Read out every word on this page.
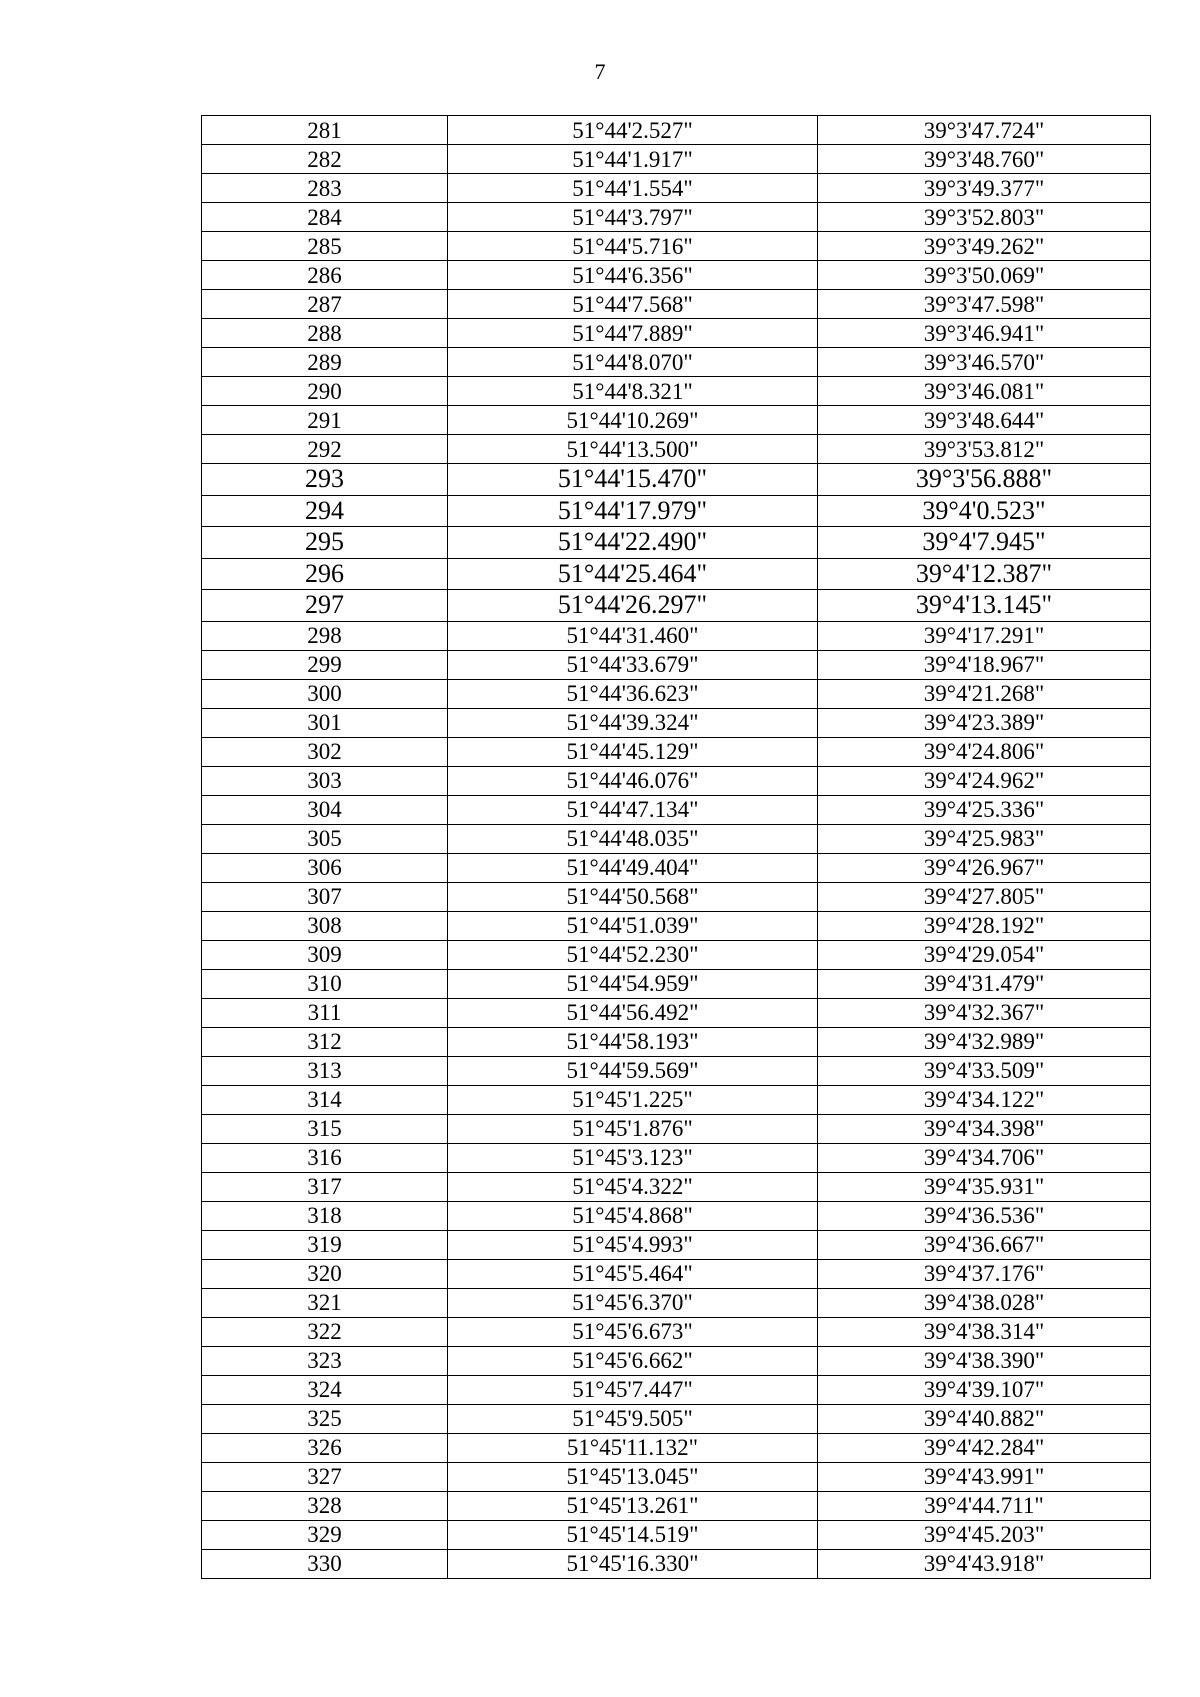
7
281	51°44'2.527"	39°3'47.724"
282	51°44'1.917"	39°3'48.760"
283	51°44'1.554"	39°3'49.377"
284	51°44'3.797"	39°3'52.803"
285	51°44'5.716"	39°3'49.262"
286	51°44'6.356"	39°3'50.069"
287	51°44'7.568"	39°3'47.598"
288	51°44'7.889"	39°3'46.941"
289	51°44'8.070"	39°3'46.570"
290	51°44'8.321"	39°3'46.081"
291	51°44'10.269"	39°3'48.644"
292	51°44'13.500"	39°3'53.812"
293	51°44'15.470"	39°3'56.888"
294	51°44'17.979"	39°4'0.523"
295	51°44'22.490"	39°4'7.945"
296	51°44'25.464"	39°4'12.387"
297	51°44'26.297"	39°4'13.145"
298	51°44'31.460"	39°4'17.291"
299	51°44'33.679"	39°4'18.967"
300	51°44'36.623"	39°4'21.268"
301	51°44'39.324"	39°4'23.389"
302	51°44'45.129"	39°4'24.806"
303	51°44'46.076"	39°4'24.962"
304	51°44'47.134"	39°4'25.336"
305	51°44'48.035"	39°4'25.983"
306	51°44'49.404"	39°4'26.967"
307	51°44'50.568"	39°4'27.805"
308	51°44'51.039"	39°4'28.192"
309	51°44'52.230"	39°4'29.054"
310	51°44'54.959"	39°4'31.479"
311	51°44'56.492"	39°4'32.367"
312	51°44'58.193"	39°4'32.989"
313	51°44'59.569"	39°4'33.509"
314	51°45'1.225"	39°4'34.122"
315	51°45'1.876"	39°4'34.398"
316	51°45'3.123"	39°4'34.706"
317	51°45'4.322"	39°4'35.931"
318	51°45'4.868"	39°4'36.536"
319	51°45'4.993"	39°4'36.667"
320	51°45'5.464"	39°4'37.176"
321	51°45'6.370"	39°4'38.028"
322	51°45'6.673"	39°4'38.314"
323	51°45'6.662"	39°4'38.390"
324	51°45'7.447"	39°4'39.107"
325	51°45'9.505"	39°4'40.882"
326	51°45'11.132"	39°4'42.284"
327	51°45'13.045"	39°4'43.991"
328	51°45'13.261"	39°4'44.711"
329	51°45'14.519"	39°4'45.203"
330	51°45'16.330"	39°4'43.918"
